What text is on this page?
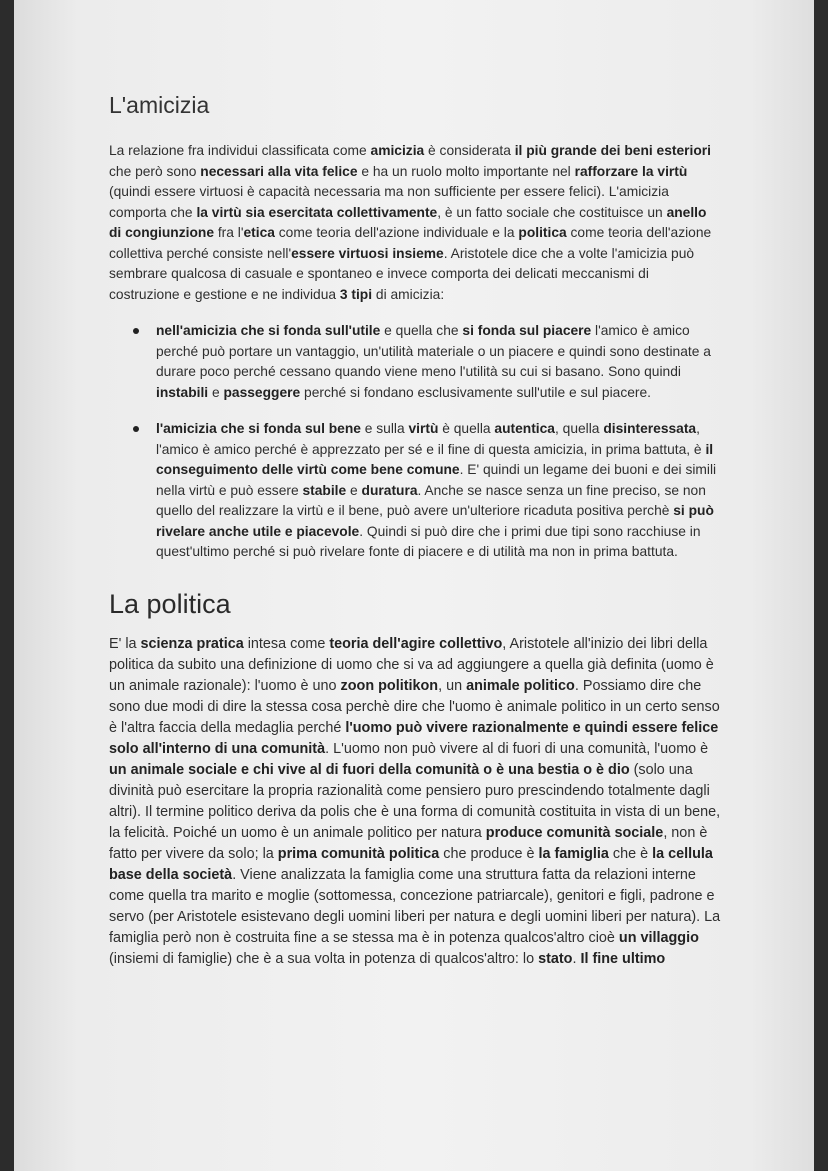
L'amicizia

La relazione fra individui classificata come amicizia è considerata il più grande dei beni esteriori che però sono necessari alla vita felice e ha un ruolo molto importante nel rafforzare la virtù (quindi essere virtuosi è capacità necessaria ma non sufficiente per essere felici). L'amicizia comporta che la virtù sia esercitata collettivamente, è un fatto sociale che costituisce un anello di congiunzione fra l'etica come teoria dell'azione individuale e la politica come teoria dell'azione collettiva perché consiste nell'essere virtuosi insieme. Aristotele dice che a volte l'amicizia può sembrare qualcosa di casuale e spontaneo e invece comporta dei delicati meccanismi di costruzione e gestione e ne individua 3 tipi di amicizia:

nell'amicizia che si fonda sull'utile e quella che si fonda sul piacere l'amico è amico perché può portare un vantaggio, un'utilità materiale o un piacere e quindi sono destinate a durare poco perché cessano quando viene meno l'utilità su cui si basano. Sono quindi instabili e passeggere perché si fondano esclusivamente sull'utile e sul piacere.
l'amicizia che si fonda sul bene e sulla virtù è quella autentica, quella disinteressata, l'amico è amico perché è apprezzato per sé e il fine di questa amicizia, in prima battuta, è il conseguimento delle virtù come bene comune. E' quindi un legame dei buoni e dei simili nella virtù e può essere stabile e duratura. Anche se nasce senza un fine preciso, se non quello del realizzare la virtù e il bene, può avere un'ulteriore ricaduta positiva perchè si può rivelare anche utile e piacevole. Quindi si può dire che i primi due tipi sono racchiuse in quest'ultimo perché si può rivelare fonte di piacere e di utilità ma non in prima battuta.
La politica

E' la scienza pratica intesa come teoria dell'agire collettivo, Aristotele all'inizio dei libri della politica da subito una definizione di uomo che si va ad aggiungere a quella già definita (uomo è un animale razionale): l'uomo è uno zoon politikon, un animale politico. Possiamo dire che sono due modi di dire la stessa cosa perchè dire che l'uomo è animale politico in un certo senso è l'altra faccia della medaglia perché l'uomo può vivere razionalmente e quindi essere felice solo all'interno di una comunità. L'uomo non può vivere al di fuori di una comunità, l'uomo è un animale sociale e chi vive al di fuori della comunità o è una bestia o è dio (solo una divinità può esercitare la propria razionalità come pensiero puro prescindendo totalmente dagli altri). Il termine politico deriva da polis che è una forma di comunità costituita in vista di un bene, la felicità. Poiché un uomo è un animale politico per natura produce comunità sociale, non è fatto per vivere da solo; la prima comunità politica che produce è la famiglia che è la cellula base della società. Viene analizzata la famiglia come una struttura fatta da relazioni interne come quella tra marito e moglie (sottomessa, concezione patriarcale), genitori e figli, padrone e servo (per Aristotele esistevano degli uomini liberi per natura e degli uomini liberi per natura). La famiglia però non è costruita fine a se stessa ma è in potenza qualcos'altro cioè un villaggio (insiemi di famiglie) che è a sua volta in potenza di qualcos'altro: lo stato. Il fine ultimo
